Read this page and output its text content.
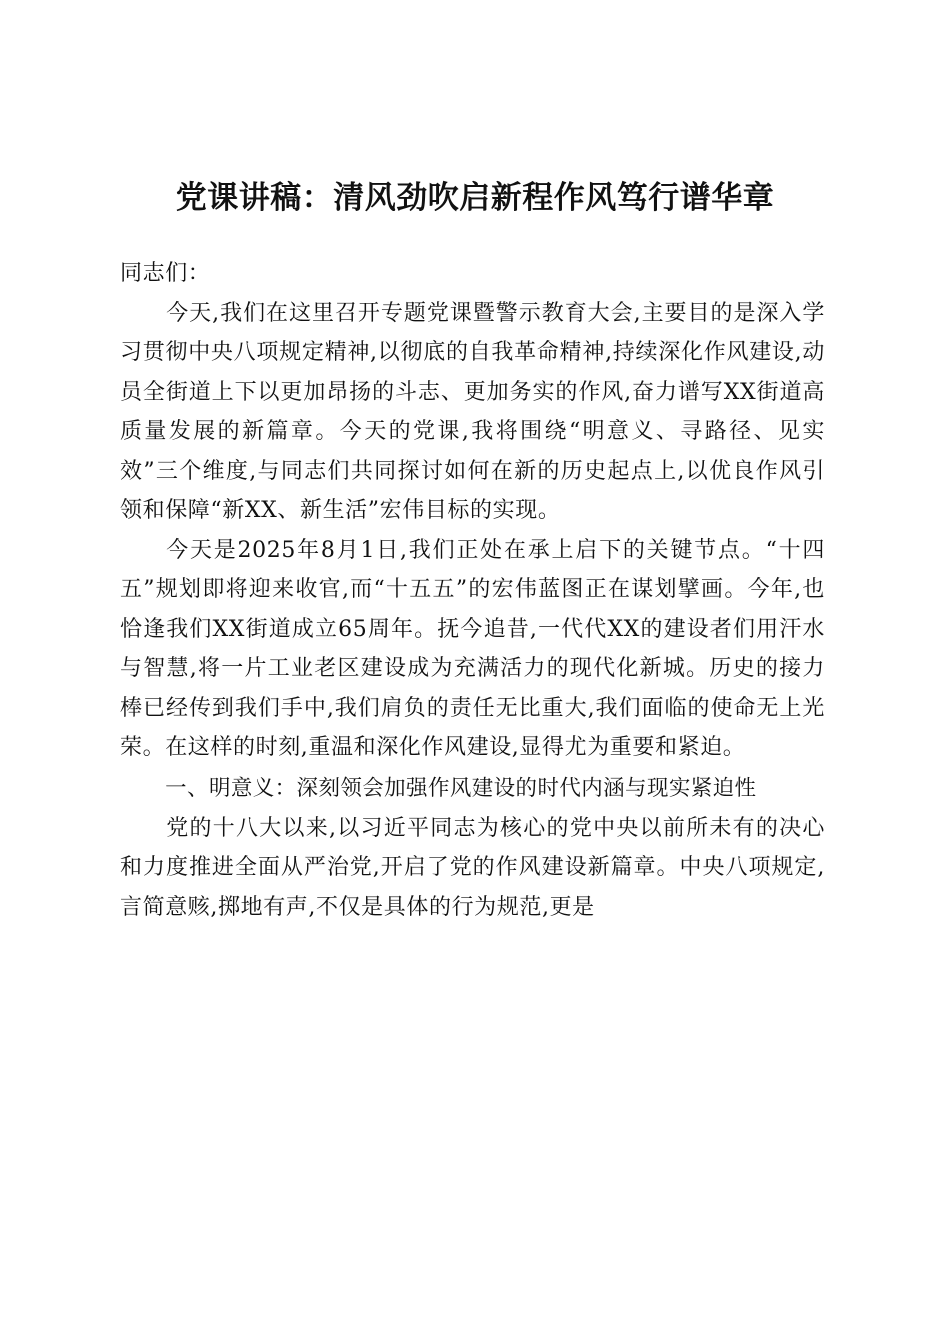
党课讲稿：清风劲吹启新程作风笃行谱华章

同志们：

今天,我们在这里召开专题党课暨警示教育大会,主要目的是深入学习贯彻中央八项规定精神,以彻底的自我革命精神,持续深化作风建设,动员全街道上下以更加昂扬的斗志、更加务实的作风,奋力谱写XX街道高质量发展的新篇章。今天的党课,我将围绕“明意义、寻路径、见实效”三个维度,与同志们共同探讨如何在新的历史起点上,以优良作风引领和保障“新XX、新生活”宏伟目标的实现。

今天是2025年8月1日,我们正处在承上启下的关键节点。“十四五”规划即将迎来收官,而“十五五”的宏伟蓝图正在谋划擘画。今年,也恰逢我们XX街道成立65周年。抚今追昔,一代代XX的建设者们用汗水与智慧,将一片工业老区建设成为充满活力的现代化新城。历史的接力棒已经传到我们手中,我们肩负的责任无比重大,我们面临的使命无上光荣。在这样的时刻,重温和深化作风建设,显得尤为重要和紧迫。

一、明意义：深刻领会加强作风建设的时代内涵与现实紧迫性

党的十八大以来,以习近平同志为核心的党中央以前所未有的决心和力度推进全面从严治党,开启了党的作风建设新篇章。中央八项规定,言简意赅,掷地有声,不仅是具体的行为规范,更是
